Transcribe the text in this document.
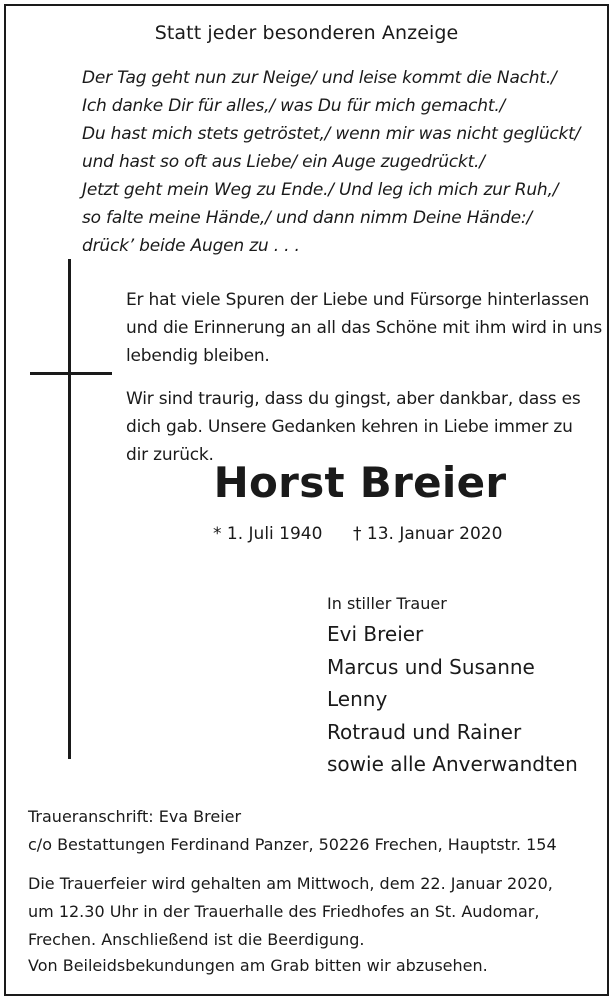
Statt jeder besonderen Anzeige
Der Tag geht nun zur Neige/ und leise kommt die Nacht./
Ich danke Dir für alles,/ was Du für mich gemacht./
Du hast mich stets getröstet,/ wenn mir was nicht geglückt/
und hast so oft aus Liebe/ ein Auge zugedrückt./
Jetzt geht mein Weg zu Ende./ Und leg ich mich zur Ruh,/
so falte meine Hände,/ und dann nimm Deine Hände:/
drück’ beide Augen zu . . .
Er hat viele Spuren der Liebe und Fürsorge hinterlassen
und die Erinnerung an all das Schöne mit ihm wird in uns
lebendig bleiben.
Wir sind traurig, dass du gingst, aber dankbar, dass es
dich gab. Unsere Gedanken kehren in Liebe immer zu
dir zurück.
Horst Breier
* 1. Juli 1940 † 13. Januar 2020
In stiller Trauer
Evi Breier
Marcus und Susanne
Lenny
Rotraud und Rainer
sowie alle Anverwandten
Traueranschrift: Eva Breier
c/o Bestattungen Ferdinand Panzer, 50226 Frechen, Hauptstr. 154
Die Trauerfeier wird gehalten am Mittwoch, dem 22. Januar 2020,
um 12.30 Uhr in der Trauerhalle des Friedhofes an St. Audomar,
Frechen. Anschließend ist die Beerdigung.
Von Beileidsbekundungen am Grab bitten wir abzusehen.
